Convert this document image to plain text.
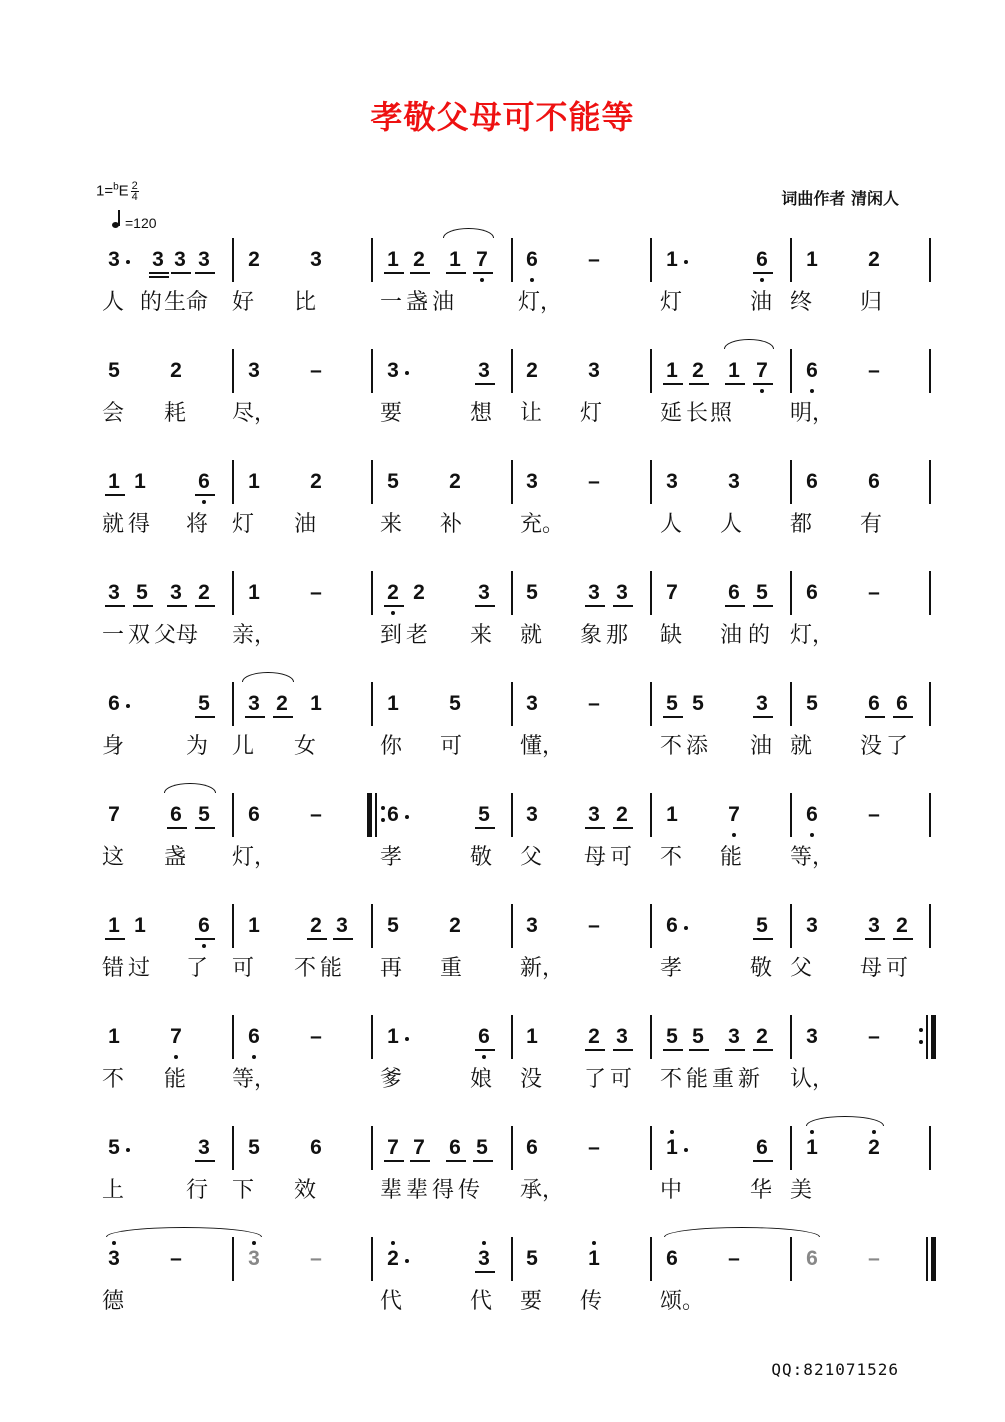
孝敬父母可不能等
$1=^bE \frac{2}{4}$
=120
词曲作者 清闲人
3 3 3 3 2 3	1 2 1 7 6 –	1	6 1 2
5 2	3 –	3	3 2 3	1 2 1 7 6 –
1 1 6 1 2	5 2	3 –	3 3	6 6
3 5 3 2 1 –	2 2	3 5 3 3 7 6 5 6 –
6	5 3 2 1	1 5	3 –	5 5 3 5 6 6
7 6 5 6 –	6	5 3 3 2 1 7	6 –
1 1 6 1 2 3 5 2	3 –	6	5 3 3 2
1 7	6 –	1	6 1 2 3 5 5 3 2 3 –
5	3 5 6	7 7 6 5 6 –	1	6 1 2
3 –	3 –	2	3 5 1	6 –	6 –
人 的 生 命 好 比	一 盏 油	灯 ，	灯	油 终 归
会 耗 尽 ，	要	想 让 灯	延 长 照	明 ，
就 得 将 灯 油	来 补	充 。	人 人 都 有
一 双 父 母 亲 ，	到 老 来 就 象 那 缺 油 的 灯 ，
身	为 儿 女	你 可	懂 ，	不 添 油 就 没 了
这 盏 灯 ，	孝	敬 父 母 可 不 能 等 ，
错 过 了 可 不 能 再 重	新 ，	孝	敬 父 母 可
不 能 等 ，	爹	娘 没 了 可 不 能 重 新 认 ，
上	行 下 效	辈 辈 得 传 承 ，	中	华 美
德	代	代 要 传	颂 。
QQ:821071526
